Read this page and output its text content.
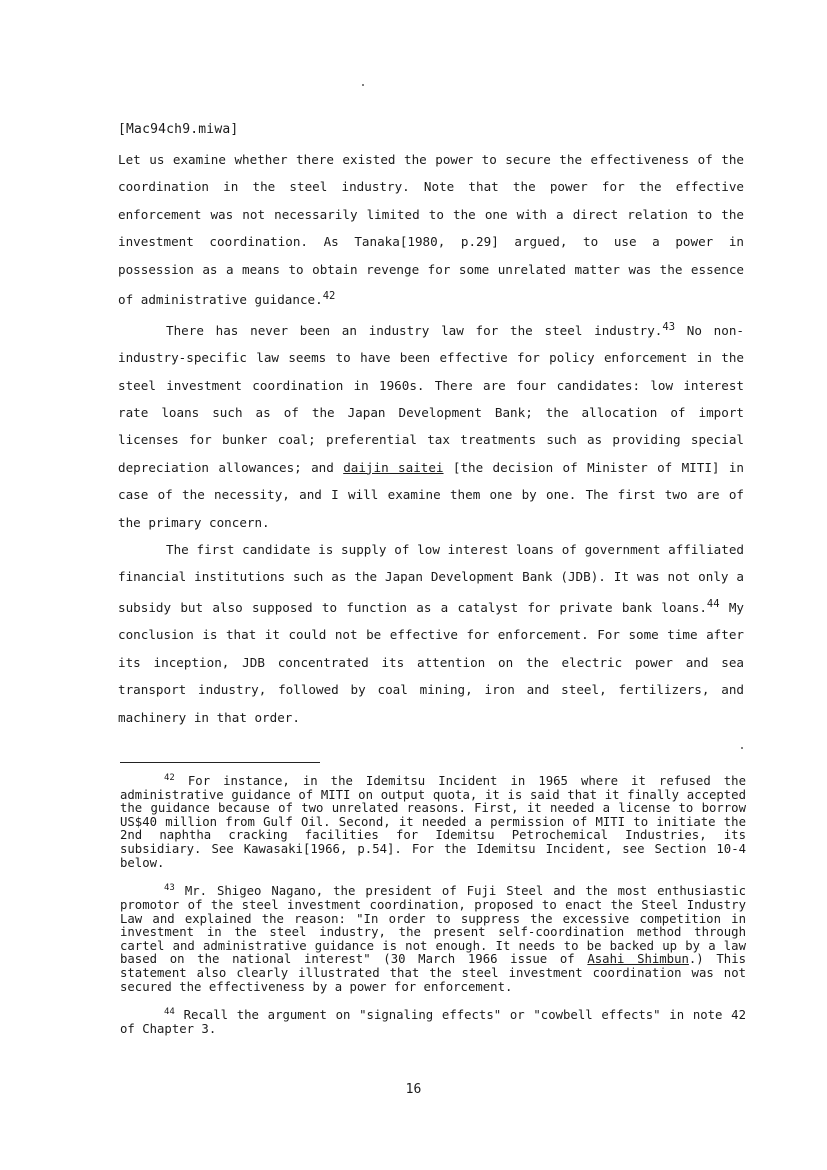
[Mac94ch9.miwa]

Let us examine whether there existed the power to secure the effectiveness of the coordination in the steel industry. Note that the power for the effective enforcement was not necessarily limited to the one with a direct relation to the investment coordination. As Tanaka[1980, p.29] argued, to use a power in possession as a means to obtain revenge for some unrelated matter was the essence of administrative guidance.$^{42}$

There has never been an industry law for the steel industry.$^{43}$ No non-industry-specific law seems to have been effective for policy enforcement in the steel investment coordination in 1960s. There are four candidates: low interest rate loans such as of the Japan Development Bank; the allocation of import licenses for bunker coal; preferential tax treatments such as providing special depreciation allowances; and daijin saitei [the decision of Minister of MITI] in case of the necessity, and I will examine them one by one. The first two are of the primary concern.

The first candidate is supply of low interest loans of government affiliated financial institutions such as the Japan Development Bank (JDB). It was not only a subsidy but also supposed to function as a catalyst for private bank loans.$^{44}$ My conclusion is that it could not be effective for enforcement. For some time after its inception, JDB concentrated its attention on the electric power and sea transport industry, followed by coal mining, iron and steel, fertilizers, and machinery in that order.

$^{42}$ For instance, in the Idemitsu Incident in 1965 where it refused the administrative guidance of MITI on output quota, it is said that it finally accepted the guidance because of two unrelated reasons. First, it needed a license to borrow US$40 million from Gulf Oil. Second, it needed a permission of MITI to initiate the 2nd naphtha cracking facilities for Idemitsu Petrochemical Industries, its subsidiary. See Kawasaki[1966, p.54]. For the Idemitsu Incident, see Section 10-4 below.

$^{43}$ Mr. Shigeo Nagano, the president of Fuji Steel and the most enthusiastic promotor of the steel investment coordination, proposed to enact the Steel Industry Law and explained the reason: "In order to suppress the excessive competition in investment in the steel industry, the present self-coordination method through cartel and administrative guidance is not enough. It needs to be backed up by a law based on the national interest" (30 March 1966 issue of Asahi Shimbun.) This statement also clearly illustrated that the steel investment coordination was not secured the effectiveness by a power for enforcement.

$^{44}$ Recall the argument on "signaling effects" or "cowbell effects" in note 42 of Chapter 3.

16
